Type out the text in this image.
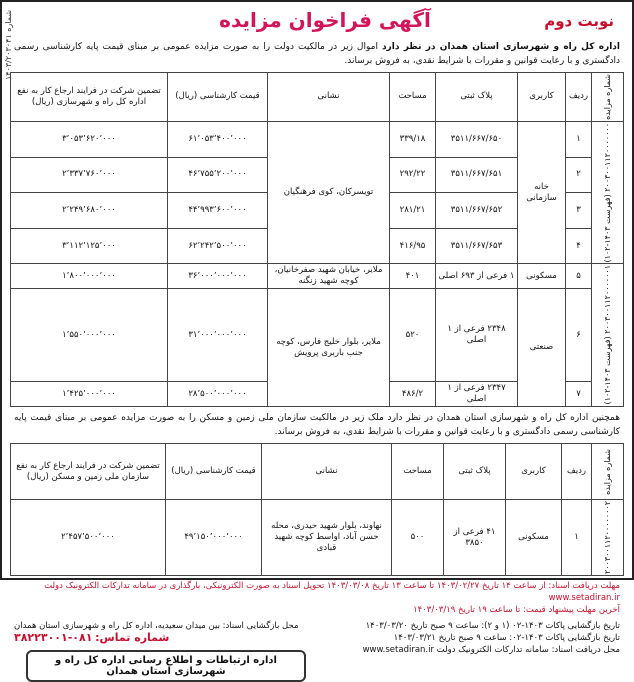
شماره ۱۴۰۳/۲۰۳۰۴۱	نوبت دوم
آگهی فراخوان مزایده

اداره کل راه و شهرسازی استان همدان در نظر دارد اموال زیر در مالکیت دولت را به صورت مزایده عمومی بر مبنای قیمت پایه کارشناسی رسمی دادگستری و با رعایت قوانین و مقررات با شرایط نقدی، به فروش برساند.

شماره مزایده	ردیف	کاربری	پلاک ثبتی	مساحت	نشانی	قیمت کارشناسی (ریال)	تضمین شرکت در فرایند ارجاع کار به نفع اداره کل راه و شهرسازی (ریال)

۲۰۰۳۰۰۱۱۲۰۰۰۰۰۰۰ (فهرست ۱۴۰۳-۱۰۲)	۱	خانه سازمانی	۳۵۱۱/۶۶۷/۶۵۰	۳۳۹/۱۸	تویسرکان، کوی فرهنگیان	۶۱٬۰۵۳٬۴۰۰٬۰۰۰	۳٬۰۵۳٬۶۲۰٬۰۰۰
	۲		۳۵۱۱/۶۶۷/۶۵۱	۲۹۲/۲۲		۴۶٬۷۵۵٬۲۰۰٬۰۰۰	۲٬۳۳۷٬۷۶۰٬۰۰۰
	۳		۳۵۱۱/۶۶۷/۶۵۲	۲۸۱/۲۱		۴۴٬۹۹۳٬۶۰۰٬۰۰۰	۲٬۲۴۹٬۶۸۰٬۰۰۰
	۴		۳۵۱۱/۶۶۷/۶۵۳	۴۱۶/۹۵		۶۲٬۲۴۲٬۵۰۰٬۰۰۰	۳٬۱۱۲٬۱۲۵٬۰۰۰

۲۰۰۳۰۰۱۱۲۰۰۰۰۰۰۱ (فهرست ۱۴۰۳-۱۰۲)	۵	مسکونی	۱ فرعی از ۶۹۳ اصلی	۴۰۱	ملایر، خیابان شهید صفرخانیان، کوچه شهید زنگنه	۳۶٬۰۰۰٬۰۰۰٬۰۰۰	۱٬۸۰۰٬۰۰۰٬۰۰۰
	۶	صنعتی	۲۳۴۸ فرعی از ۱ اصلی	۵۲۰	ملایر، بلوار خلیج فارس، کوچه جنب باربری پرویش	۳۱٬۰۰۰٬۰۰۰٬۰۰۰	۱٬۵۵۰٬۰۰۰٬۰۰۰
	۷		۲۳۴۷ فرعی از ۱ اصلی	۴۸۶/۲		۲۸٬۵۰۰٬۰۰۰٬۰۰۰	۱٬۴۲۵٬۰۰۰٬۰۰۰

همچنین اداره کل راه و شهرسازی استان همدان در نظر دارد ملک زیر در مالکیت سازمان ملی زمین و مسکن را به صورت مزایده عمومی بر مبنای قیمت پایه کارشناسی رسمی دادگستری و با رعایت قوانین و مقررات با شرایط نقدی، به فروش برساند.

شماره مزایده	ردیف	کاربری	پلاک ثبتی	مساحت	نشانی	قیمت کارشناسی (ریال)	تضمین شرکت در فرایند ارجاع کار به نفع سازمان ملی زمین و مسکن (ریال)

۲۰۰۳۰۰۱۱۲۰۰۰۰۰۰۰۲	۱	مسکونی	۴۱ فرعی از ۳۸۵۰	۵۰۰	نهاوند، بلوار شهید حیدری، محله حسن آباد، اواسط کوچه شهید قبادی	۴۹٬۱۵۰٬۰۰۰٬۰۰۰	۲٬۴۵۷٬۵۰۰٬۰۰۰
مهلت دریافت اسناد: از ساعت ۱۴ تاریخ ۱۴۰۳/۰۲/۲۷ تا ساعت ۱۳ تاریخ ۱۴۰۳/۰۳/۰۸ تحویل اسناد به صورت الکترونیکی، بارگذاری در سامانه تدارکات الکترونیک دولت www.setadiran.ir
آخرین مهلت پیشنهاد قیمت: تا ساعت ۱۹ تاریخ ۱۴۰۳/۰۳/۱۹
تاریخ بازگشایی پاکات ۱۴۰۳-۰۲ (۱ و ۲): ساعت ۹ صبح تاریخ ۱۴۰۳/۰۳/۲۰
تاریخ بازگشایی پاکات ۱۴۰۳-۰۲: ساعت ۹ صبح تاریخ ۱۴۰۳/۰۳/۲۱
محل دریافت اسناد: سامانه تدارکات الکترونیک دولت www.setadiran.ir
محل بازگشایی اسناد: بین میدان سعیدیه، اداره کل راه و شهرسازی استان همدان
شماره تماس: ۰۸۱-۳۸۲۲۳۰۰۱
اداره ارتباطات و اطلاع رسانی اداره کل راه و شهرسازی استان همدان
